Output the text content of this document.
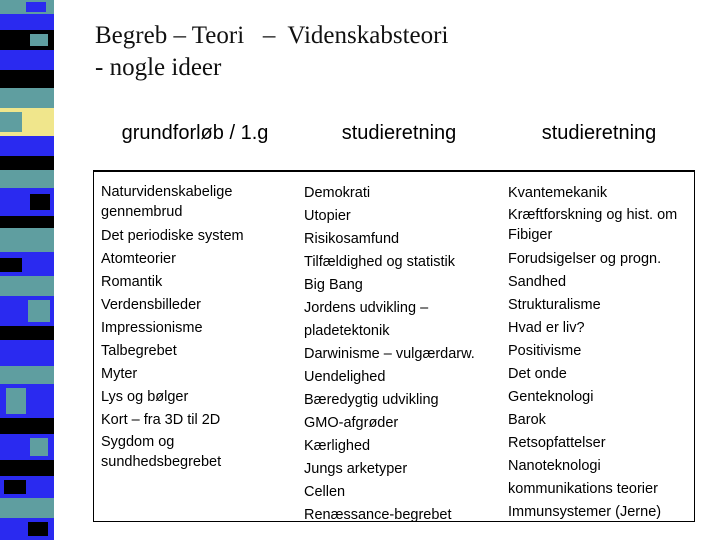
Begreb – Teori   –  Videnskabsteori
- nogle ideer
grundforløb / 1.g	studieretning	studieretning
Naturvidenskabelige gennembrud
Det periodiske system
Atomteorier
Romantik
Verdensbilleder
Impressionisme
Talbegrebet
Myter
Lys og bølger
Kort – fra 3D til 2D
Sygdom og sundhedsbegrebet
Demokrati
Utopier
Risikosamfund
Tilfældighed og statistik
Big Bang
Jordens udvikling – pladetektonik
Darwinisme – vulgærdarw.
Uendelighed
Bæredygtig udvikling
GMO-afgrøder
Kærlighed
Jungs arketyper
Cellen
Renæssance-begrebet
Kvantemekanik
Kræftforskning og hist. om Fibiger
Forudsigelser og progn.
Sandhed
Strukturalisme
Hvad er liv?
Positivisme
Det onde
Genteknologi
Barok
Retsopfattelser
Nanoteknologi
kommunikations teorier
Immunsystemer (Jerne)
